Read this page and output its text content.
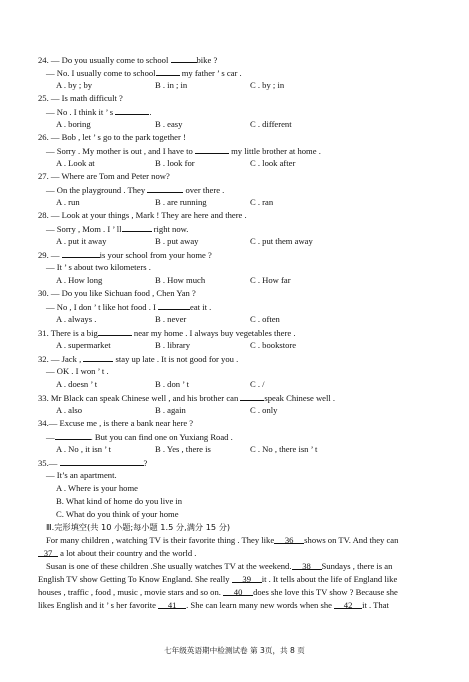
24. — Do you usually come to school	bike ?
— No. I usually come to school	my father ’ s car .
A . by ; by	B . in ; in	C . by ; in
25. — Is math difficult ?
— No . I think it ’ s	.
A . boring	B . easy	C . different
26. — Bob , let ’ s go to the park together !
— Sorry . My mother is out , and I have to	my little brother at home .
A . Look at	B . look for	C . look after
27. — Where are Tom and Peter now?
— On the playground . They	over there .
A . run	B . are running	C . ran
28. — Look at your things , Mark ! They are here and there .
— Sorry , Mom . I ’ ll	right now.
A . put it away	B . put away	C . put them away
29. —	is your school from your home ?
— It ’ s about two kilometers .
A . How long	B . How much	C . How far
30. — Do you like Sichuan food , Chen Yan ?
— No , I don ’ t like hot food . I	eat it .
A . always .	B . never	C . often
31. There is a big	near my home . I always buy vegetables there .
A . supermarket	B . library	C . bookstore
32. — Jack ,	stay up late . It is not good for you .
— OK . I won ’ t .
A . doesn ’ t	B . don ’ t	C . /
33. Mr Black can speak Chinese well , and his brother can	speak Chinese well .
A . also	B . again	C . only
34.— Excuse me , is there a bank near here ?
—	. But you can find one on Yuxiang Road .
A . No , it isn ’ t	B . Yes , there is	C . No , there isn ’ t
35.—	?
— It’s an apartment.
A . Where is your home
B. What kind of home do you live in
C. What do you think of your home
Ⅲ.完形填空(共 10 小题;每小题 1.5 分,满分 15 分)
For many children , watching TV is their favorite thing . They like 36 shows on TV. And they can
37 a lot about their country and the world .
Susan is one of these children .She usually watches TV at the weekend. 38 Sundays , there is an
English TV show Getting To Know England. She really 39 it . It tells about the life of England like
houses , traffic , food , music , movie stars and so on. 40 does she love this TV show ? Because she
likes English and it ’ s her favorite 41 . She can learn many new words when she 42 it . That
七年级英语期中检测试卷 第 3页，共 8 页
